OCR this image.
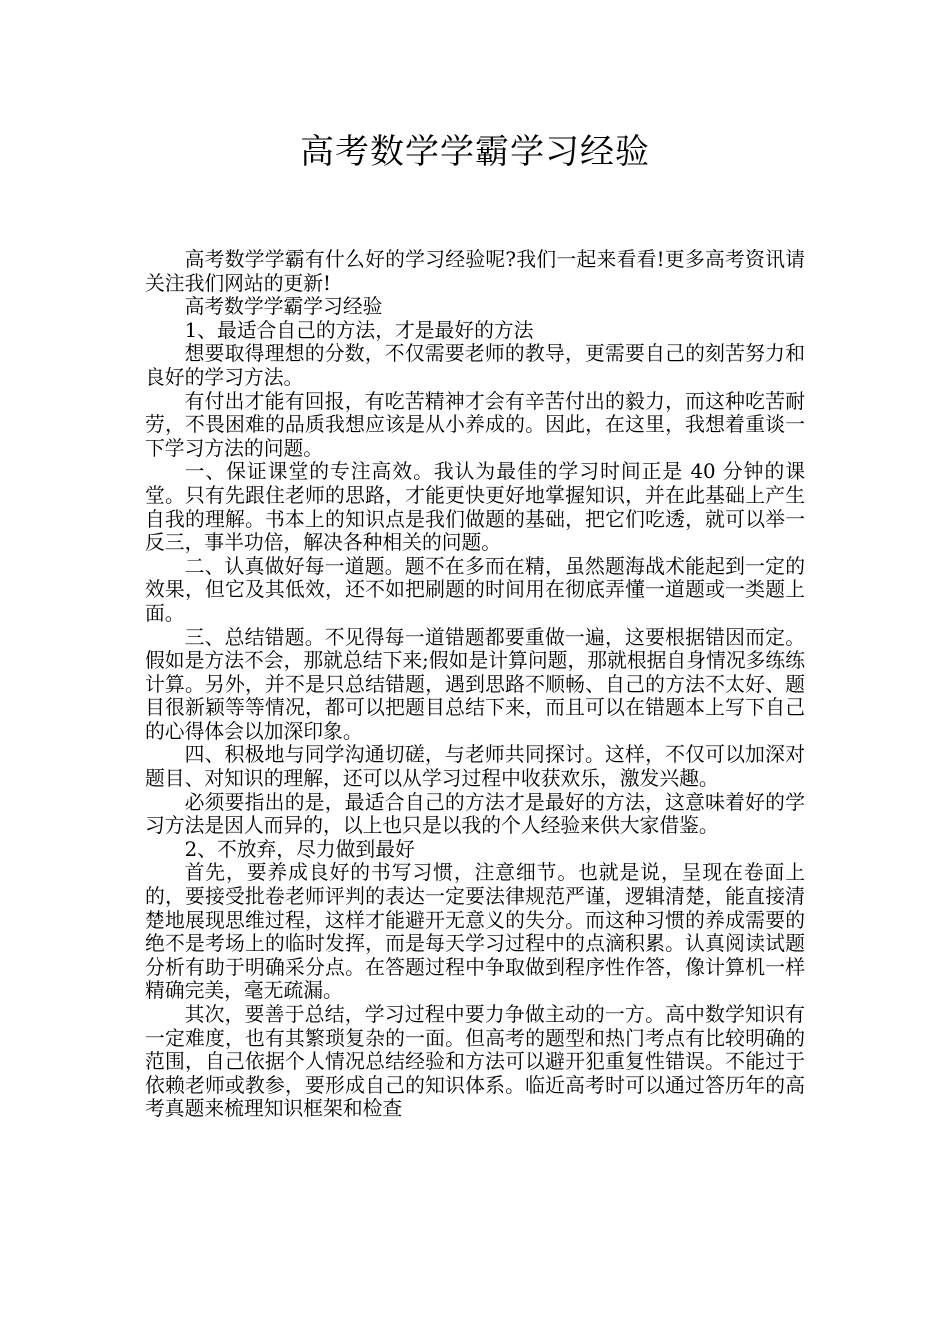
高考数学学霸学习经验

高考数学学霸有什么好的学习经验呢?我们一起来看看!更多高考资讯请关注我们网站的更新!

高考数学学霸学习经验

1、最适合自己的方法，才是最好的方法

想要取得理想的分数，不仅需要老师的教导，更需要自己的刻苦努力和良好的学习方法。

有付出才能有回报，有吃苦精神才会有辛苦付出的毅力，而这种吃苦耐劳，不畏困难的品质我想应该是从小养成的。因此，在这里，我想着重谈一下学习方法的问题。

一、保证课堂的专注高效。我认为最佳的学习时间正是 40 分钟的课堂。只有先跟住老师的思路，才能更快更好地掌握知识，并在此基础上产生自我的理解。书本上的知识点是我们做题的基础，把它们吃透，就可以举一反三，事半功倍，解决各种相关的问题。

二、认真做好每一道题。题不在多而在精，虽然题海战术能起到一定的效果，但它及其低效，还不如把刷题的时间用在彻底弄懂一道题或一类题上面。

三、总结错题。不见得每一道错题都要重做一遍，这要根据错因而定。假如是方法不会，那就总结下来;假如是计算问题，那就根据自身情况多练练计算。另外，并不是只总结错题，遇到思路不顺畅、自己的方法不太好、题目很新颖等等情况，都可以把题目总结下来，而且可以在错题本上写下自己的心得体会以加深印象。

四、积极地与同学沟通切磋，与老师共同探讨。这样，不仅可以加深对题目、对知识的理解，还可以从学习过程中收获欢乐，激发兴趣。

必须要指出的是，最适合自己的方法才是最好的方法，这意味着好的学习方法是因人而异的，以上也只是以我的个人经验来供大家借鉴。

2、不放弃，尽力做到最好

首先，要养成良好的书写习惯，注意细节。也就是说，呈现在卷面上的，要接受批卷老师评判的表达一定要法律规范严谨，逻辑清楚，能直接清楚地展现思维过程，这样才能避开无意义的失分。而这种习惯的养成需要的绝不是考场上的临时发挥，而是每天学习过程中的点滴积累。认真阅读试题分析有助于明确采分点。在答题过程中争取做到程序性作答，像计算机一样精确完美，毫无疏漏。

其次，要善于总结，学习过程中要力争做主动的一方。高中数学知识有一定难度，也有其繁琐复杂的一面。但高考的题型和热门考点有比较明确的范围，自己依据个人情况总结经验和方法可以避开犯重复性错误。不能过于依赖老师或教参，要形成自己的知识体系。临近高考时可以通过答历年的高考真题来梳理知识框架和检查
